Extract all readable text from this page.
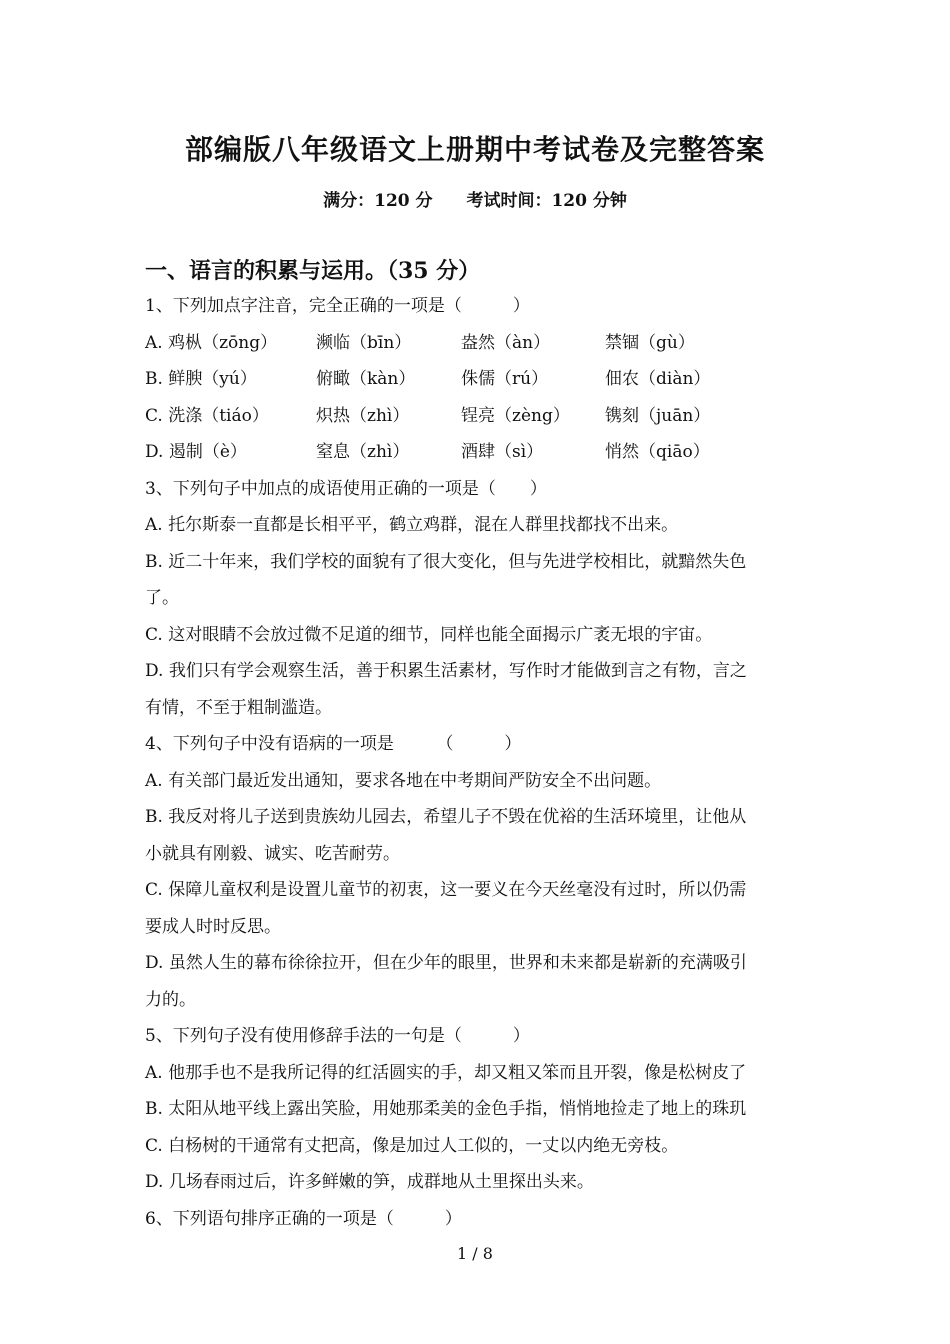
部编版八年级语文上册期中考试卷及完整答案
满分：120 分 考试时间：120 分钟
一、语言的积累与运用。（35 分）
1、下列加点字注音，完全正确的一项是（　　　）
A. 鸡枞（zōng）	濒临（bīn）	盎然（àn）	禁锢（gù）
B. 鲜腴（yú）	俯瞰（kàn）	侏儒（rú）	佃农（diàn）
C. 洗涤（tiáo）	炽热（zhì）	锃亮（zèng）	镌刻（juān）
D. 遏制（è）	窒息（zhì）	酒肆（sì）	悄然（qiāo）
3、下列句子中加点的成语使用正确的一项是（　　）
A. 托尔斯泰一直都是长相平平，鹤立鸡群，混在人群里找都找不出来。
B. 近二十年来，我们学校的面貌有了很大变化，但与先进学校相比，就黯然失色
了。
C. 这对眼睛不会放过微不足道的细节，同样也能全面揭示广袤无垠的宇宙。
D. 我们只有学会观察生活，善于积累生活素材，写作时才能做到言之有物，言之
有情，不至于粗制滥造。
4、下列句子中没有语病的一项是　　　（　　　）
A. 有关部门最近发出通知，要求各地在中考期间严防安全不出问题。
B. 我反对将儿子送到贵族幼儿园去，希望儿子不毁在优裕的生活环境里，让他从
小就具有刚毅、诚实、吃苦耐劳。
C. 保障儿童权利是设置儿童节的初衷，这一要义在今天丝毫没有过时，所以仍需
要成人时时反思。
D. 虽然人生的幕布徐徐拉开，但在少年的眼里，世界和未来都是崭新的充满吸引
力的。
5、下列句子没有使用修辞手法的一句是（　　　）
A. 他那手也不是我所记得的红活圆实的手，却又粗又笨而且开裂，像是松树皮了
B. 太阳从地平线上露出笑脸，用她那柔美的金色手指，悄悄地捡走了地上的珠玑
C. 白杨树的干通常有丈把高，像是加过人工似的，一丈以内绝无旁枝。
D. 几场春雨过后，许多鲜嫩的笋，成群地从土里探出头来。
6、下列语句排序正确的一项是（　　　）
1 / 8
